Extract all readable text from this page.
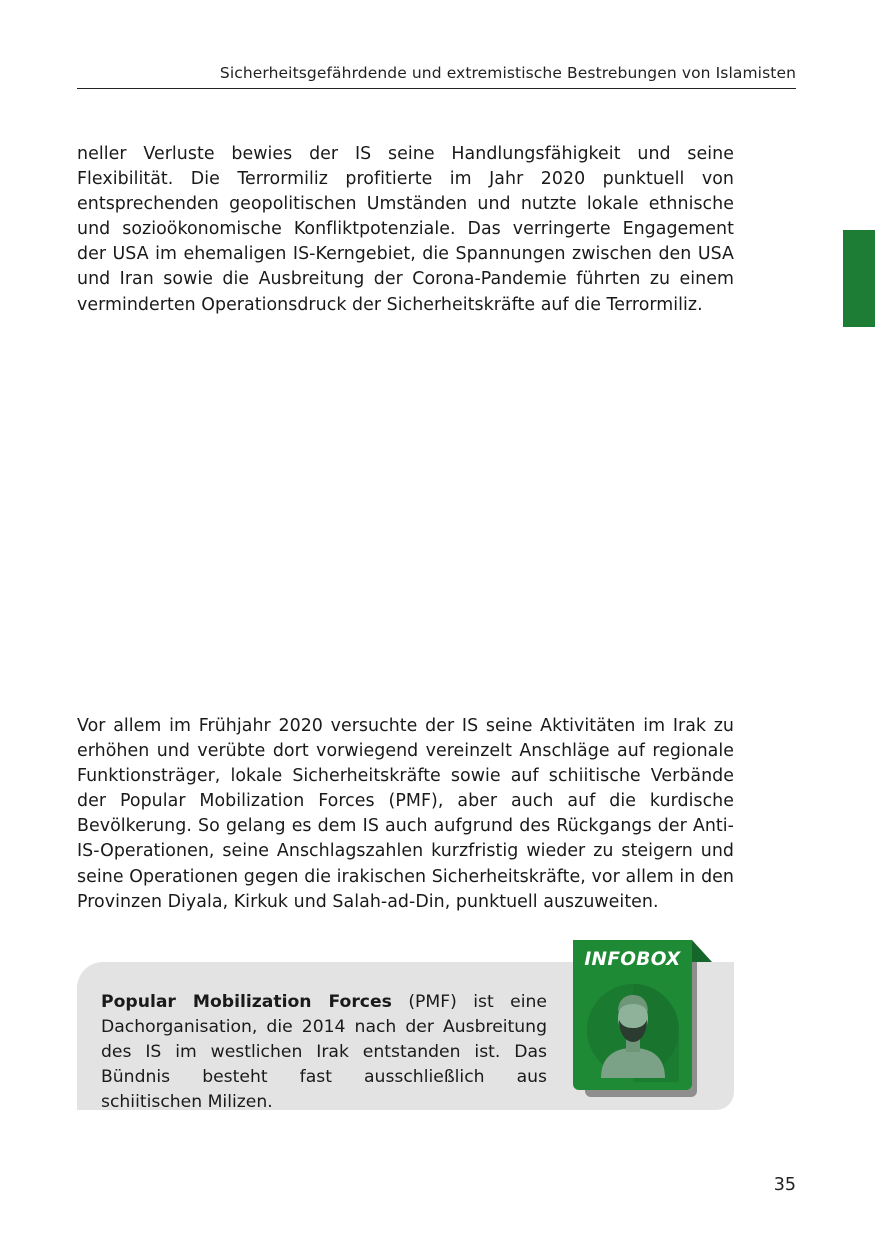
Sicherheitsgefährdende und extremistische Bestrebungen von Islamisten

neller Verluste bewies der IS seine Handlungsfähigkeit und seine Flexibilität. Die Terrormiliz profitierte im Jahr 2020 punktuell von entsprechenden geopolitischen Umständen und nutzte lokale ethnische und sozioökonomische Konfliktpotenziale. Das verringerte Engagement der USA im ehemaligen IS-Kerngebiet, die Spannungen zwischen den USA und Iran sowie die Ausbreitung der Corona-Pandemie führten zu einem verminderten Operationsdruck der Sicherheitskräfte auf die Terrormiliz.

Vor allem im Frühjahr 2020 versuchte der IS seine Aktivitäten im Irak zu erhöhen und verübte dort vorwiegend vereinzelt Anschläge auf regionale Funktionsträger, lokale Sicherheitskräfte sowie auf schiitische Verbände der Popular Mobilization Forces (PMF), aber auch auf die kurdische Bevölkerung. So gelang es dem IS auch aufgrund des Rückgangs der Anti-IS-Operationen, seine Anschlagszahlen kurzfristig wieder zu steigern und seine Operationen gegen die irakischen Sicherheitskräfte, vor allem in den Provinzen Diyala, Kirkuk und Salah-ad-Din, punktuell auszuweiten.

Popular Mobilization Forces (PMF) ist eine Dachorganisation, die 2014 nach der Ausbreitung des IS im westlichen Irak entstanden ist. Das Bündnis besteht fast ausschließlich aus schiitischen Milizen.

INFOBOX
35
